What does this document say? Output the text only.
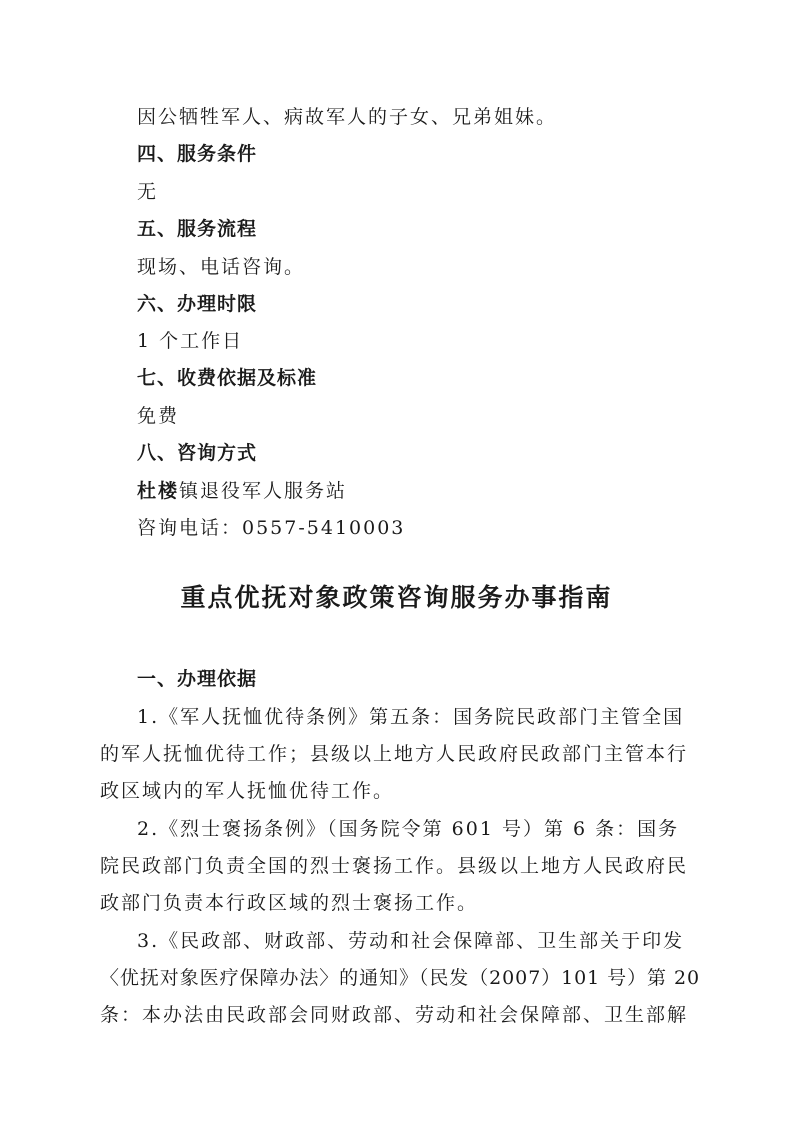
因公牺牲军人、病故军人的子女、兄弟姐妹。
四、服务条件
无
五、服务流程
现场、电话咨询。
六、办理时限
1 个工作日
七、收费依据及标准
免费
八、咨询方式
杜楼镇退役军人服务站
咨询电话：0557-5410003
重点优抚对象政策咨询服务办事指南
一、办理依据
1.《军人抚恤优待条例》第五条：国务院民政部门主管全国
的军人抚恤优待工作；县级以上地方人民政府民政部门主管本行
政区域内的军人抚恤优待工作。
2.《烈士褒扬条例》（国务院令第 601 号）第 6 条：国务
院民政部门负责全国的烈士褒扬工作。县级以上地方人民政府民
政部门负责本行政区域的烈士褒扬工作。
3.《民政部、财政部、劳动和社会保障部、卫生部关于印发
〈优抚对象医疗保障办法〉的通知》（民发（2007）101 号）第 20
条：本办法由民政部会同财政部、劳动和社会保障部、卫生部解
